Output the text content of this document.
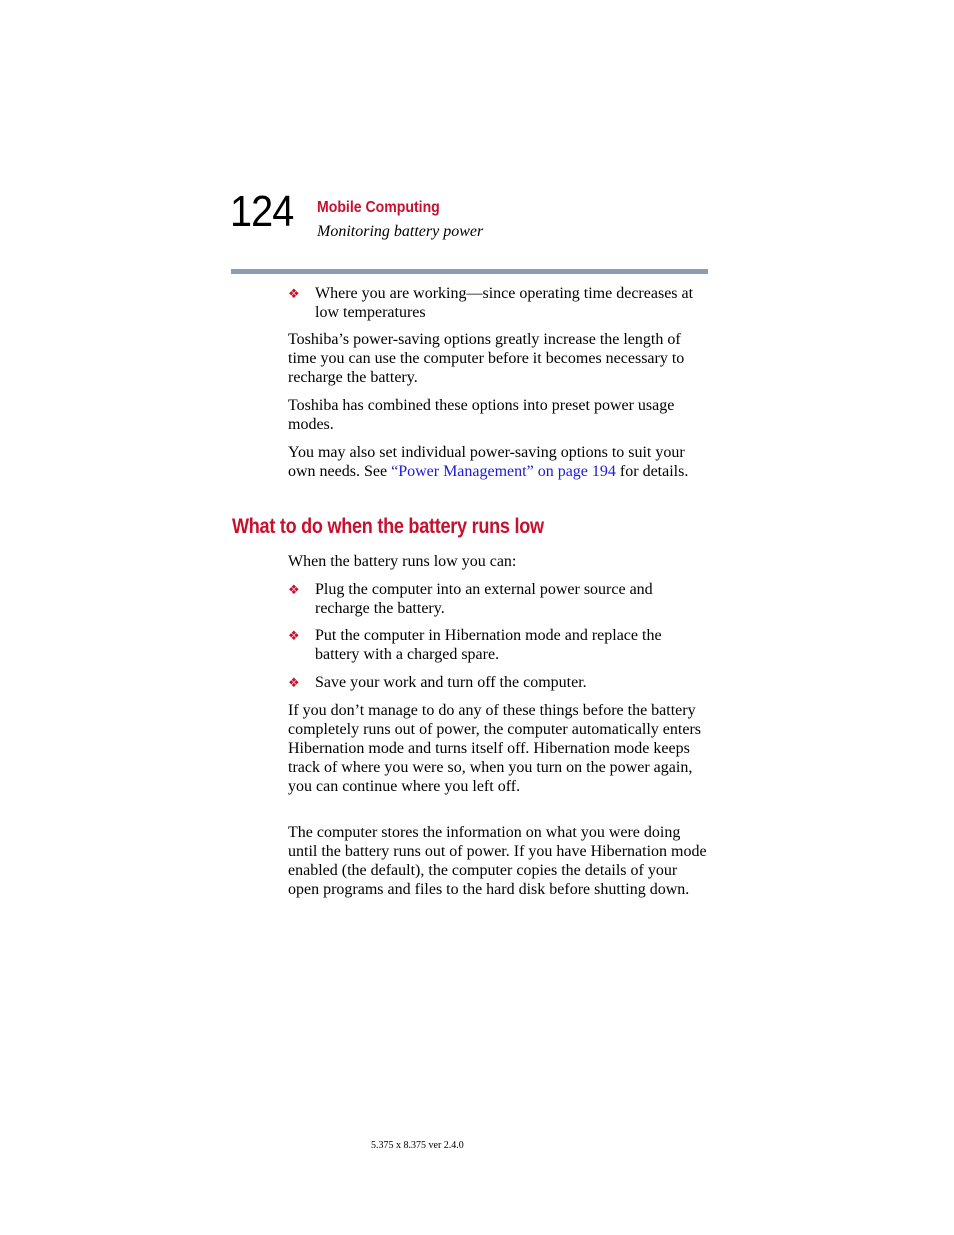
124 Mobile Computing
Monitoring battery power
❖ Where you are working—since operating time decreases at low temperatures
Toshiba’s power-saving options greatly increase the length of time you can use the computer before it becomes necessary to recharge the battery.
Toshiba has combined these options into preset power usage modes.
You may also set individual power-saving options to suit your own needs. See “Power Management” on page 194 for details.
What to do when the battery runs low
When the battery runs low you can:
❖ Plug the computer into an external power source and recharge the battery.
❖ Put the computer in Hibernation mode and replace the battery with a charged spare.
❖ Save your work and turn off the computer.
If you don’t manage to do any of these things before the battery completely runs out of power, the computer automatically enters Hibernation mode and turns itself off. Hibernation mode keeps track of where you were so, when you turn on the power again, you can continue where you left off.
The computer stores the information on what you were doing until the battery runs out of power. If you have Hibernation mode enabled (the default), the computer copies the details of your open programs and files to the hard disk before shutting down.
5.375 x 8.375 ver 2.4.0
